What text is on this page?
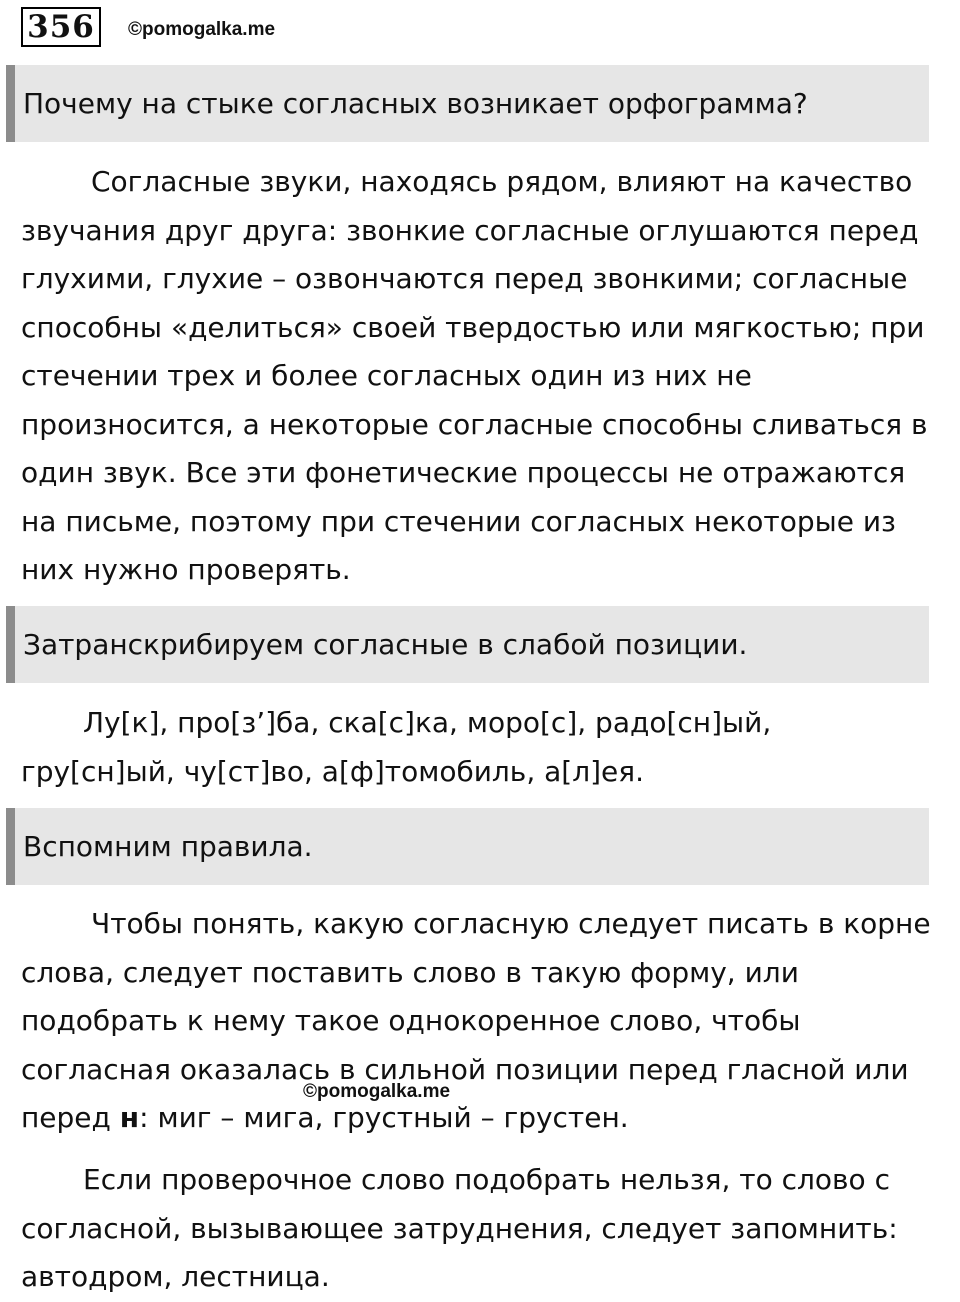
356	©pomogalka.me
Почему на стыке согласных возникает орфограмма?
Согласные звуки, находясь рядом, влияют на качество
звучания друг друга: звонкие согласные оглушаются перед
глухими, глухие – озвончаются перед звонкими; согласные
способны «делиться» своей твердостью или мягкостью; при
стечении трех и более согласных один из них не
произносится, а некоторые согласные способны сливаться в
один звук. Все эти фонетические процессы не отражаются
на письме, поэтому при стечении согласных некоторые из
них нужно проверять.
Затранскрибируем согласные в слабой позиции.
Лу[к], про[з’]ба, ска[с]ка, моро[с], радо[сн]ый,
гру[сн]ый, чу[ст]во, а[ф]томобиль, а[л]ея.
Вспомним правила.
Чтобы понять, какую согласную следует писать в корне
слова, следует поставить слово в такую форму, или
подобрать к нему такое однокоренное слово, чтобы
согласная оказалась в сильной позиции перед гласной или
перед н: миг – мига, грустный – грустен.
©pomogalka.me
Если проверочное слово подобрать нельзя, то слово с
согласной, вызывающее затруднения, следует запомнить:
автодром, лестница.
